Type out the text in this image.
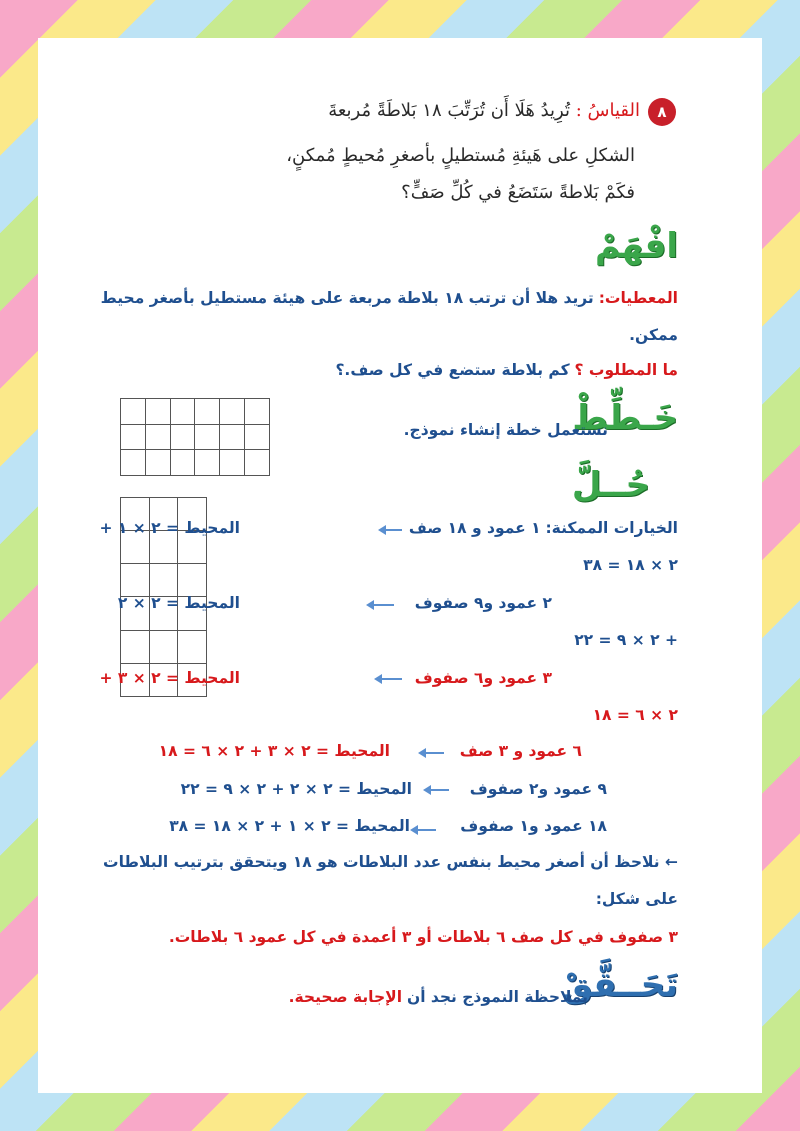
٨
القياسُ : تُرِيدُ هَلَا أَن تُرَتِّبَ ١٨ بَلاطَةً مُربعةَ
الشكلِ على هَيئةِ مُستطيلٍ بأصغرِ مُحيطٍ مُمكنٍ،
فكَمْ بَلاطةً سَتَضَعُ في كُلِّ صَفٍّ؟
افْهَمْ
المعطيات: تريد هلا أن ترتب ١٨ بلاطة مربعة على هيئة مستطيل بأصغر محيط
ممكن.
ما المطلوب ؟ كم بلاطة ستضع في كل صف.؟

خَـطِّطْ
نستعمل خطة إنشاء نموذج.
حُــلَّ

الخيارات الممكنة: ١ عمود و ١٨ صف
المحيط = ٢ × ١ +
٢ × ١٨ = ٣٨
٢ عمود و٩ صفوف
المحيط = ٢ × ٢
+ ٢ × ٩ = ٢٢
٣ عمود و٦ صفوف
المحيط = ٢ × ٣ +
٢ × ٦ = ١٨
٦ عمود و ٣ صف
المحيط = ٢ × ٣ + ٢ × ٦ = ١٨
٩ عمود و٢ صفوف
المحيط = ٢ × ٢ + ٢ × ٩ = ٢٢
١٨ عمود و١ صفوف
المحيط = ٢ × ١ + ٢ × ١٨ = ٣٨
← نلاحظ أن أصغر محيط بنفس عدد البلاطات هو ١٨ ويتحقق بترتيب البلاطات
على شكل:
٣ صفوف في كل صف ٦ بلاطات أو ٣ أعمدة في كل عمود ٦ بلاطات.
تَحَــقَّقْ
بملاحظة النموذج نجد أن الإجابة صحيحة.
